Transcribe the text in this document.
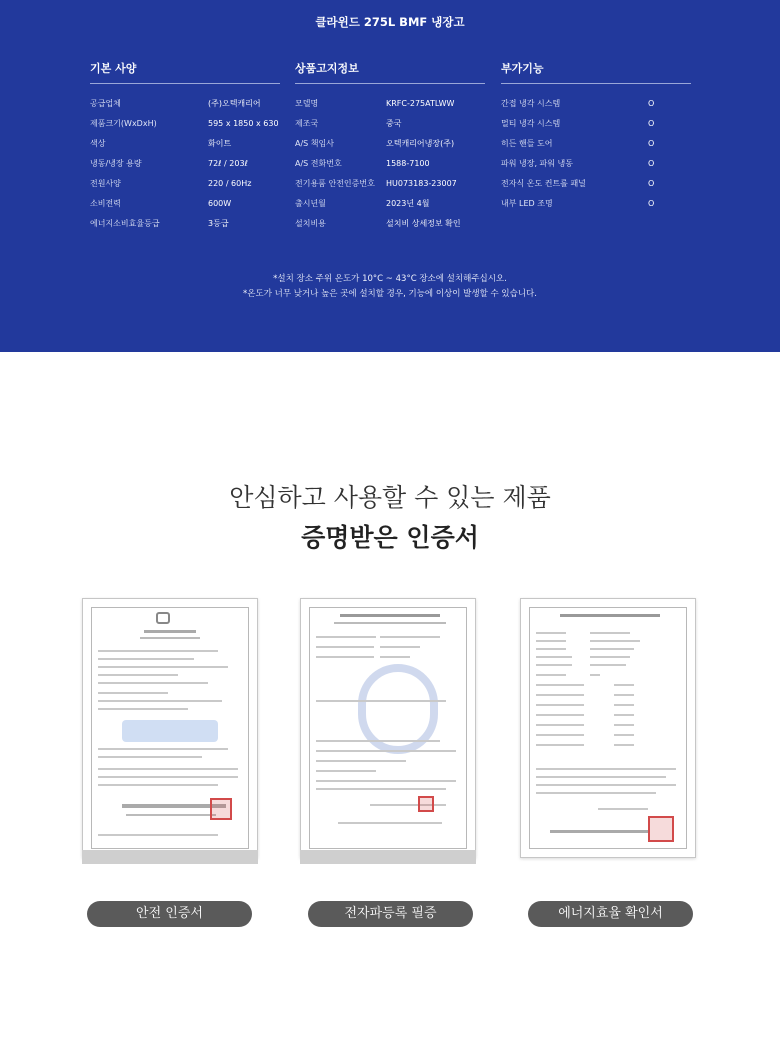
클라윈드 275L BMF 냉장고
기본 사양
공급업체	(주)오텍캐리어
제품크기(WxDxH)	595 x 1850 x 630
색상	화이트
냉동/냉장 용량	72ℓ / 203ℓ
전원사양	220 / 60Hz
소비전력	600W
에너지소비효율등급	3등급
상품고지정보
모델명	KRFC-275ATLWW
제조국	중국
A/S 책임사	오텍캐리어냉장(주)
A/S 전화번호	1588-7100
전기용품 안전인증번호 HU073183-23007
출시년월	2023년 4월
설치비용	설치비 상세정보 확인
부가기능
간접 냉각 시스템	O
멀티 냉각 시스템	O
히든 핸들 도어	O
파워 냉장, 파워 냉동	O
전자식 온도 컨트롤 패널	O
내부 LED 조명	O
*설치 장소 주위 온도가 10°C ~ 43°C 장소에 설치해주십시오.
*온도가 너무 낮거나 높은 곳에 설치할 경우, 기능에 이상이 발생할 수 있습니다.
안심하고 사용할 수 있는 제품
증명받은 인증서
안전 인증서	전자파등록 필증	에너지효율 확인서
